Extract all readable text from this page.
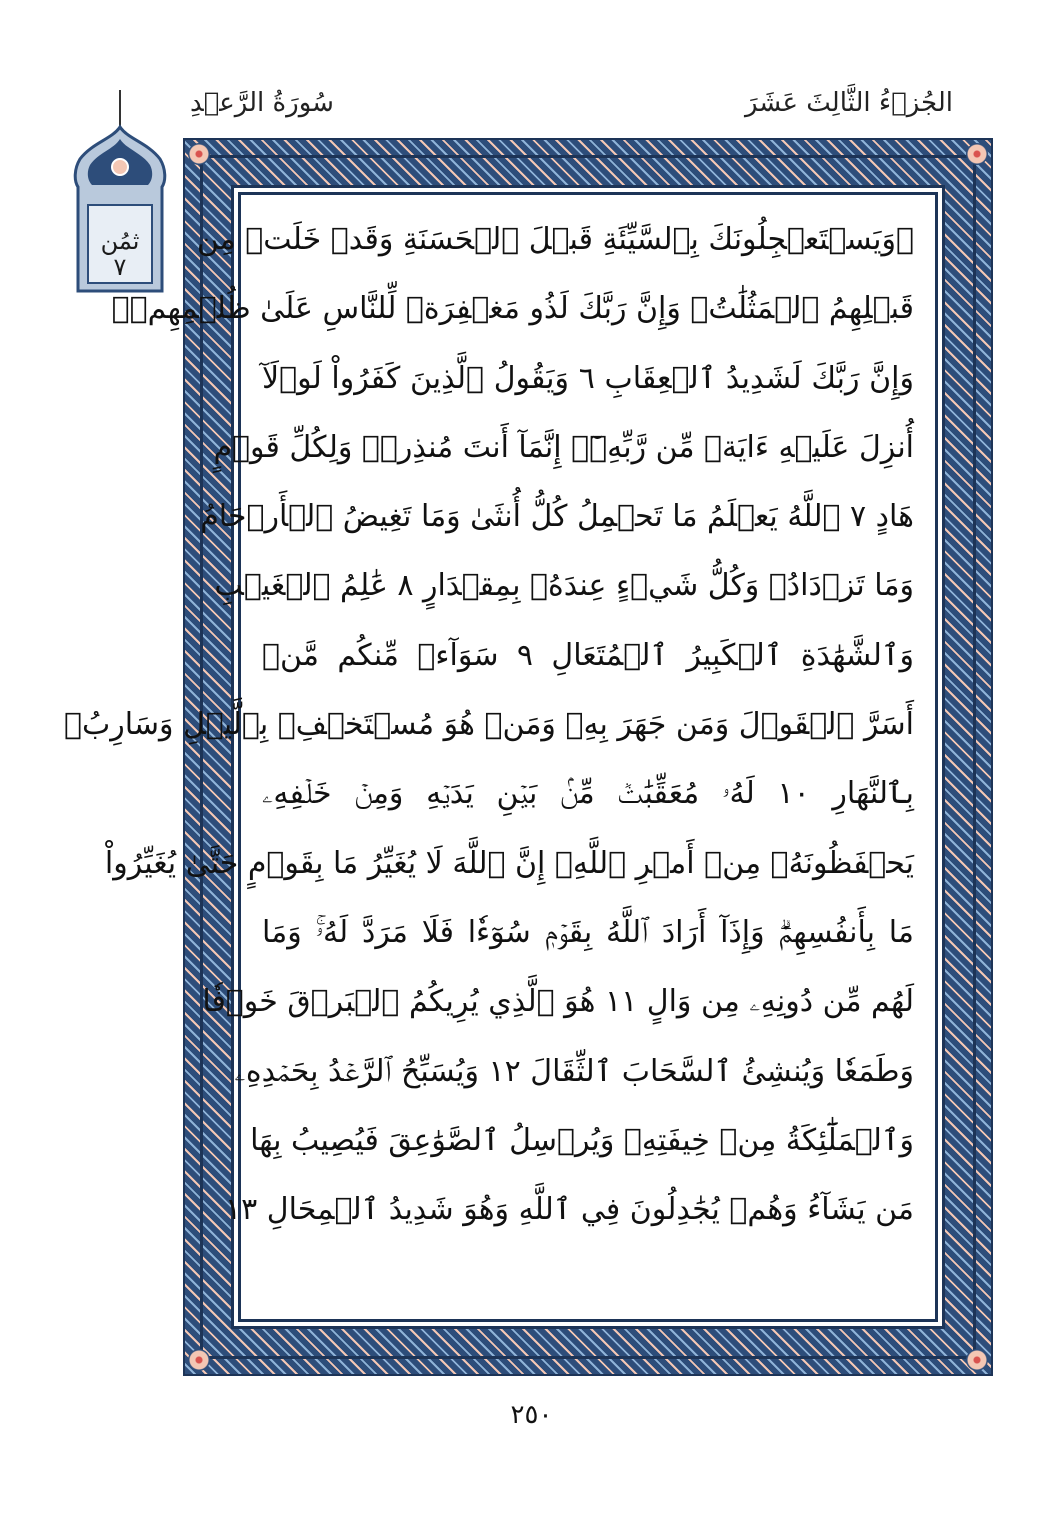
الجُزۡءُ الثَّالِثَ عَشَرَ
سُورَةُ الرَّعۡدِ
ثمُن
٧
۞وَيَسۡتَعۡجِلُونَكَ بِٱلسَّيِّئَةِ قَبۡلَ ٱلۡحَسَنَةِ وَقَدۡ خَلَتۡ مِن
قَبۡلِهِمُ ٱلۡمَثُلَٰتُۗ وَإِنَّ رَبَّكَ لَذُو مَغۡفِرَةٖ لِّلنَّاسِ عَلَىٰ ظُلۡمِهِمۡۖ
وَإِنَّ رَبَّكَ لَشَدِيدُ ٱلۡعِقَابِ ٦ وَيَقُولُ ٱلَّذِينَ كَفَرُواْ لَوۡلَآ
أُنزِلَ عَلَيۡهِ ءَايَةٞ مِّن رَّبِّهِۦٓۗ إِنَّمَآ أَنتَ مُنذِرٞۖ وَلِكُلِّ قَوۡمٍ
هَادٍ ٧ ٱللَّهُ يَعۡلَمُ مَا تَحۡمِلُ كُلُّ أُنثَىٰ وَمَا تَغِيضُ ٱلۡأَرۡحَامُ
وَمَا تَزۡدَادُۚ وَكُلُّ شَيۡءٍ عِندَهُۥ بِمِقۡدَارٍ ٨ عَٰلِمُ ٱلۡغَيۡبِ
وَٱلشَّهَٰدَةِ ٱلۡكَبِيرُ ٱلۡمُتَعَالِ ٩ سَوَآءٞ مِّنكُم مَّنۡ
أَسَرَّ ٱلۡقَوۡلَ وَمَن جَهَرَ بِهِۦ وَمَنۡ هُوَ مُسۡتَخۡفِۭ بِٱلَّيۡلِ وَسَارِبُۢ
بِٱلنَّهَارِ ١٠ لَهُۥ مُعَقِّبَٰتٞ مِّنۢ بَيۡنِ يَدَيۡهِ وَمِنۡ خَلۡفِهِۦ
يَحۡفَظُونَهُۥ مِنۡ أَمۡرِ ٱللَّهِۗ إِنَّ ٱللَّهَ لَا يُغَيِّرُ مَا بِقَوۡمٍ حَتَّىٰ يُغَيِّرُواْ
مَا بِأَنفُسِهِمۡۗ وَإِذَآ أَرَادَ ٱللَّهُ بِقَوۡمٖ سُوٓءٗا فَلَا مَرَدَّ لَهُۥۚ وَمَا
لَهُم مِّن دُونِهِۦ مِن وَالٍ ١١ هُوَ ٱلَّذِي يُرِيكُمُ ٱلۡبَرۡقَ خَوۡفٗا
وَطَمَعٗا وَيُنشِئُ ٱلسَّحَابَ ٱلثِّقَالَ ١٢ وَيُسَبِّحُ ٱلرَّعۡدُ بِحَمۡدِهِۦ
وَٱلۡمَلَٰٓئِكَةُ مِنۡ خِيفَتِهِۦ وَيُرۡسِلُ ٱلصَّوَٰعِقَ فَيُصِيبُ بِهَا
مَن يَشَآءُ وَهُمۡ يُجَٰدِلُونَ فِي ٱللَّهِ وَهُوَ شَدِيدُ ٱلۡمِحَالِ ١٣
٢٥٠
